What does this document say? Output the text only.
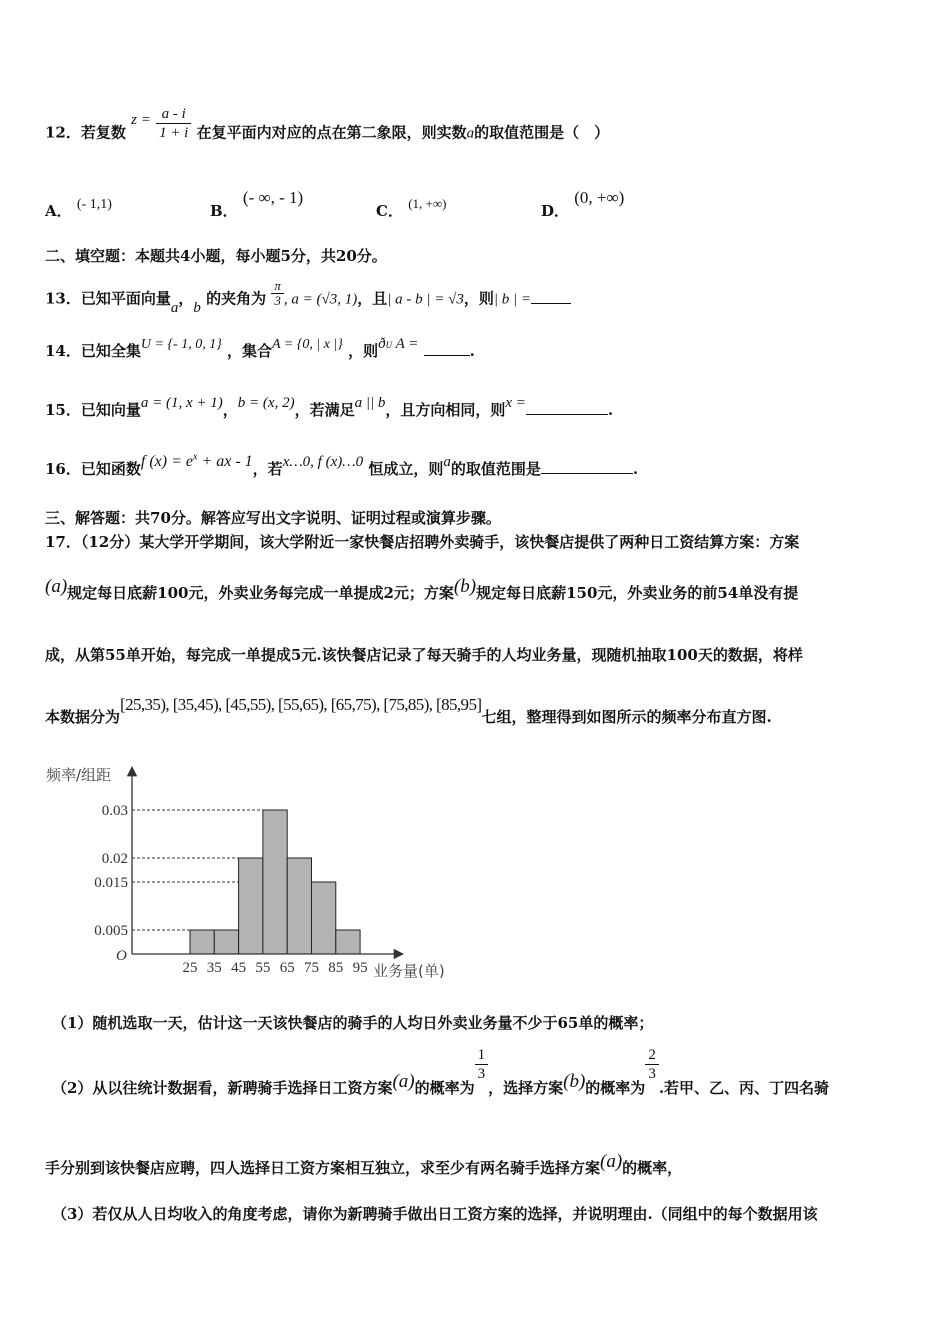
12．若复数 $z = \frac{a - i}{1 + i}$ 在复平面内对应的点在第二象限，则实数a的取值范围是（　）
A． (- 1,1)	B． (- ∞, - 1)
C． (1, +∞)	D． (0, +∞)
二、填空题：本题共4小题，每小题5分，共20分。
13．已知平面向量a，b 的夹角为 $\frac{\pi}{3}$ , a = (√3, 1)，且| a - b | = √3，则| b | =
14．已知全集U = {- 1, 0, 1} ，集合A = {0, | x |} ，则ðU A =	.
15．已知向量a = (1, x + 1)，b = (x, 2)，若满足a || b，且方向相同，则x =	.
16．已知函数f $(x) = e^x$ + ax - 1，若x…0, f (x)…0 恒成立，则a的取值范围是	.
三、解答题：共70分。解答应写出文字说明、证明过程或演算步骤。
17．（12分）某大学开学期间，该大学附近一家快餐店招聘外卖骑手，该快餐店提供了两种日工资结算方案：方案
(a)规定每日底薪100元，外卖业务每完成一单提成2元；方案(b)规定每日底薪150元，外卖业务的前54单没有提
成，从第55单开始，每完成一单提成5元.该快餐店记录了每天骑手的人均业务量，现随机抽取100天的数据，将样
本数据分为[25,35), [35,45), [45,55), [55,65), [65,75), [75,85), [85,95]七组，整理得到如图所示的频率分布直方图.
频率/组距
业务量(单)
O
0.005
0.015
0.02
0.03
25 35 45 55 65 75 85 95
（1）随机选取一天，估计这一天该快餐店的骑手的人均日外卖业务量不少于65单的概率；
（2）从以往统计数据看，新聘骑手选择日工资方案(a)的概率为
$\frac{1}{3}$
，选择方案(b)的概率为
$\frac{2}{3}$
.若甲、乙、丙、丁四名骑
手分别到该快餐店应聘，四人选择日工资方案相互独立，求至少有两名骑手选择方案(a)的概率，
（3）若仅从人日均收入的角度考虑，请你为新聘骑手做出日工资方案的选择，并说明理由.（同组中的每个数据用该
